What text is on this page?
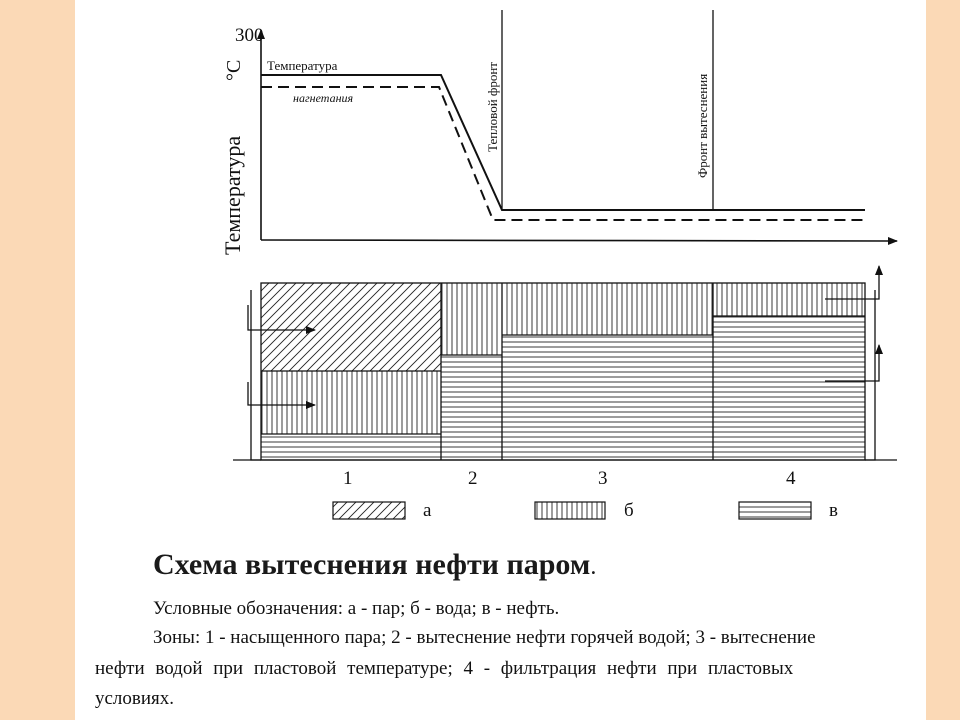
300
Температура
°С Температура
нагнетания	Тепловой фронт	Фронт вытеснения
1	2	3	4
а	б	в
Схема вытеснения нефти паром.
Условные обозначения: а - пар; б - вода; в - нефть.
Зоны: 1 - насыщенного пара; 2 - вытеснение нефти горячей водой; 3 - вытеснение
нефти водой при пластовой температуре; 4 - фильтрация нефти при пластовых
условиях.
